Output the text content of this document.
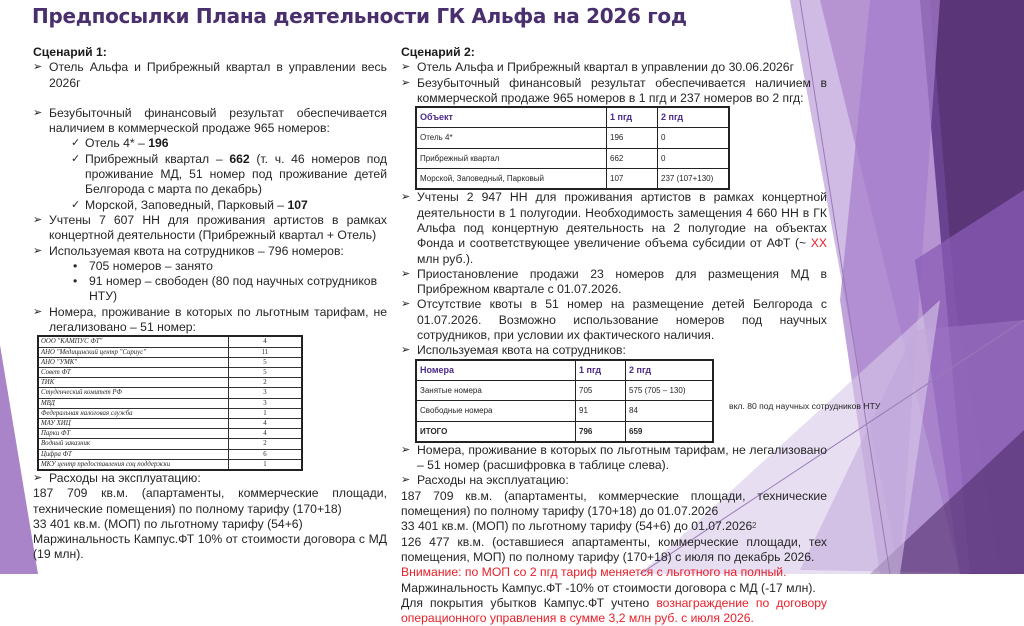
Предпосылки Плана деятельности ГК Альфа на 2026 год
Сценарий 1:
➢ Отель Альфа и Прибрежный квартал в управлении весь 2026г
➢ Безубыточный финансовый результат обеспечивается наличием в коммерческой продаже 965 номеров:
✓ Отель 4* – 196
✓ Прибрежный квартал – 662 (т. ч. 46 номеров под проживание МД, 51 номер под проживание детей Белгорода с марта по декабрь)
✓ Морской, Заповедный, Парковый – 107
➢ Учтены 7 607 НН для проживания артистов в рамках концертной деятельности (Прибрежный квартал + Отель)
➢ Используемая квота на сотрудников – 796 номеров:
• 705 номеров – занято
• 91 номер – свободен (80 под научных сотрудников НТУ)
➢ Номера, проживание в которых по льготным тарифам, не легализовано – 51 номер:
ООО "КАМПУС ФТ"	4
АНО "Медицинский центр "Сириус"	11
АНО "УМК"	5
Совет ФТ	5
ТИК	2
Студенческий комитет РФ	3
МВД	3
Федеральная налоговая служба	1
МАУ ХИЦ	4
Парки ФТ	4
Водный заказник	2
Цифра ФТ	6
МКУ центр предоставления соц поддержки	1
➢ Расходы на эксплуатацию:
187 709 кв.м. (апартаменты, коммерческие площади, технические помещения) по полному тарифу (170+18)
33 401 кв.м. (МОП) по льготному тарифу (54+6)
Маржинальность Кампус.ФТ 10% от стоимости договора с МД (19 млн).
Сценарий 2:
➢ Отель Альфа и Прибрежный квартал в управлении до 30.06.2026г
➢ Безубыточный финансовый результат обеспечивается наличием в коммерческой продаже 965 номеров в 1 пгд и 237 номеров во 2 пгд:
Объект	1 пгд	2 пгд
Отель 4*	196	0
Прибрежный квартал	662	0
Морской, Заповедный, Парковый	107	237 (107+130)
➢ Учтены 2 947 НН для проживания артистов в рамках концертной деятельности в 1 полугодии. Необходимость замещения 4 660 НН в ГК Альфа под концертную деятельность на 2 полугодие на объектах Фонда и соответствующее увеличение объема субсидии от АФТ (~ XX млн руб.).
➢ Приостановление продажи 23 номеров для размещения МД в Прибрежном квартале с 01.07.2026.
➢ Отсутствие квоты в 51 номер на размещение детей Белгорода с 01.07.2026. Возможно использование номеров под научных сотрудников, при условии их фактического наличия.
➢ Используемая квота на сотрудников:
Номера	1 пгд	2 пгд
Занятые номера	705	575 (705 – 130)
Свободные номера	91	84
ИТОГО	796	659
вкл. 80 под научных сотрудников НТУ
➢ Номера, проживание в которых по льготным тарифам, не легализовано – 51 номер (расшифровка в таблице слева).
➢ Расходы на эксплуатацию:
187 709 кв.м. (апартаменты, коммерческие площади, технические помещения) по полному тарифу (170+18) до 01.07.2026
33 401 кв.м. (МОП) по льготному тарифу (54+6) до 01.07.2026
126 477 кв.м. (оставшиеся апартаменты, коммерческие площади, тех помещения, МОП) по полному тарифу (170+18) с июля по декабрь 2026.
Внимание: по МОП со 2 пгд тариф меняется с льготного на полный.
Маржинальность Кампус.ФТ -10% от стоимости договора с МД (-17 млн).
Для покрытия убытков Кампус.ФТ учтено вознаграждение по договору операционного управления в сумме 3,2 млн руб. с июля 2026.
2
